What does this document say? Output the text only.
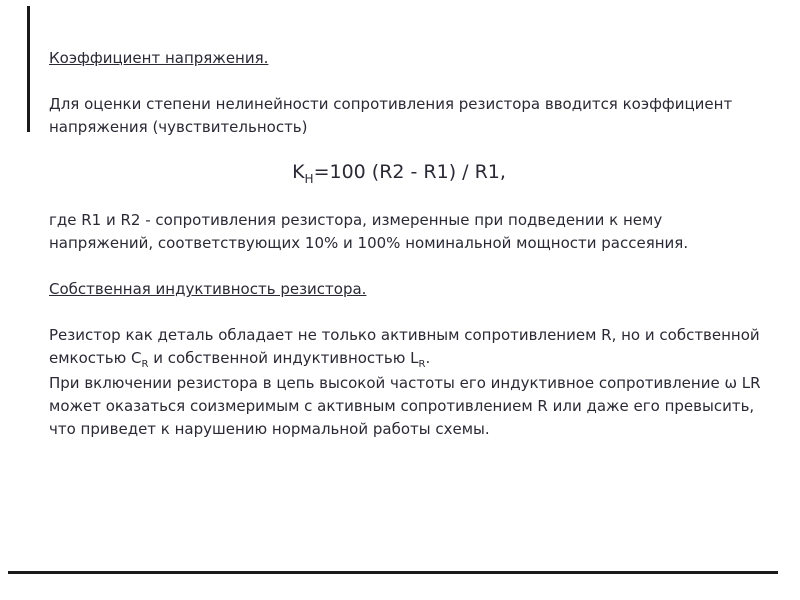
Коэффициент напряжения.

Для оценки степени нелинейности сопротивления резистора вводится коэффициент напряжения (чувствительность)

$K_H=100$ (R2 - R1) / R1,

где R1 и R2 - сопротивления резистора, измеренные при подведении к нему напряжений, соответствующих 10% и 100% номинальной мощности рассеяния.

Собственная индуктивность резистора.

Резистор как деталь обладает не только активным сопротивлением R, но и собственной емкостью $C_R$ и собственной индуктивностью $L_R$.

При включении резистора в цепь высокой частоты его индуктивное сопротивление ω LR может оказаться соизмеримым с активным сопротивлением R или даже его превысить, что приведет к нарушению нормальной работы схемы.
